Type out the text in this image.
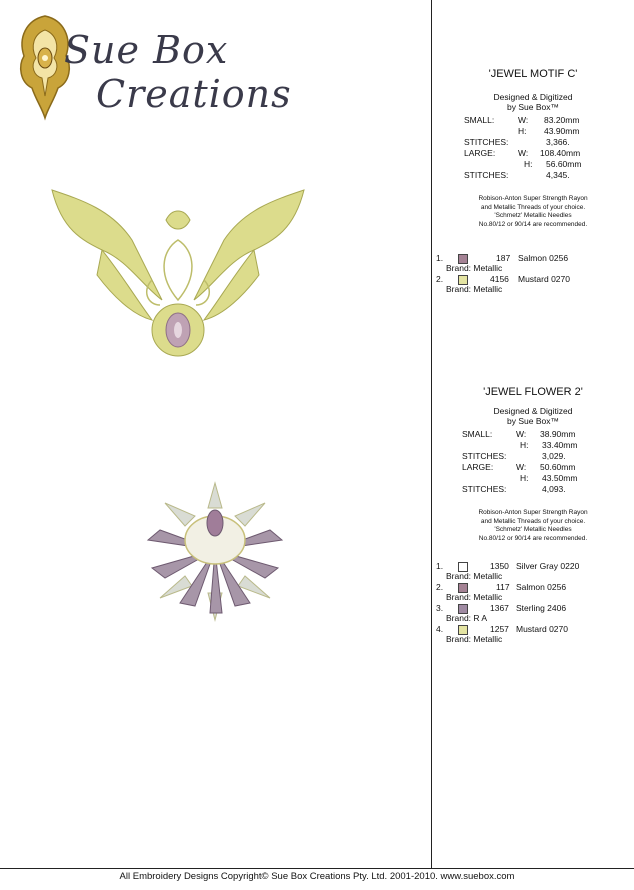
Sue Box
Creations	'JEWEL MOTIF C'
Designed & Digitized
by Sue Box™
SMALL:	W: 83.20mm
H: 43.90mm
STITCHES:	3,366.
LARGE:	W: 108.40mm
H: 56.60mm
STITCHES:	4,345.
Robison-Anton Super Strength Rayon
and Metallic Threads of your choice.
'Schmetz' Metallic Needles
No.80/12 or 90/14 are recommended.
1.	187 Salmon 0256
Brand: Metallic
2.	4156 Mustard 0270
Brand: Metallic
'JEWEL FLOWER 2'
Designed & Digitized
by Sue Box™
SMALL:	W: 38.90mm
H: 33.40mm
STITCHES:	3,029.
LARGE:	W: 50.60mm
H: 43.50mm
STITCHES:	4,093.
Robison-Anton Super Strength Rayon
and Metallic Threads of your choice.
'Schmetz' Metallic Needles
No.80/12 or 90/14 are recommended.
1.	1350 Silver Gray 0220
Brand: Metallic
2.	117 Salmon 0256
Brand: Metallic
3.	1367 Sterling 2406
Brand: R A
4.	1257 Mustard 0270
Brand: Metallic
All Embroidery Designs Copyright© Sue Box Creations Pty. Ltd. 2001-2010. www.suebox.com
